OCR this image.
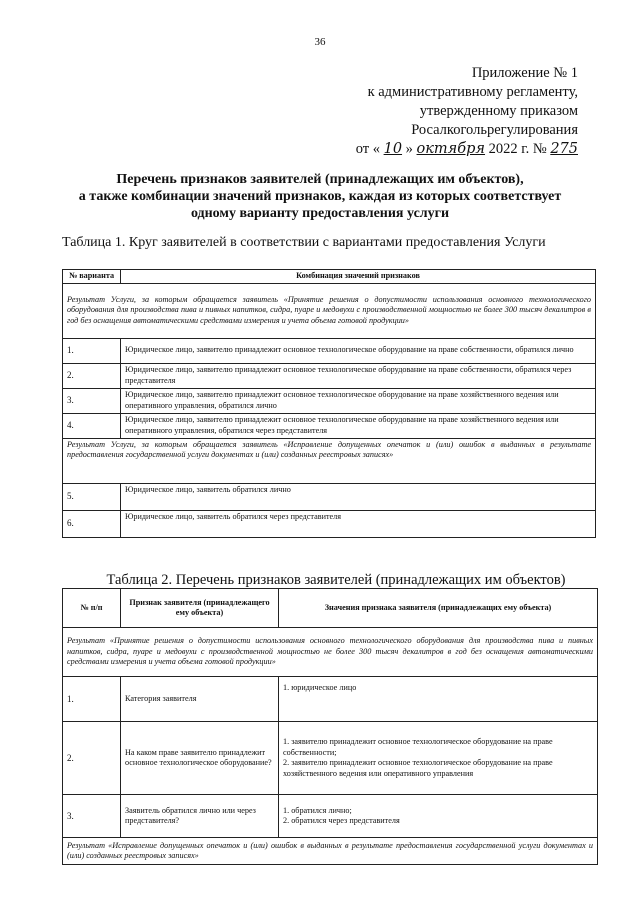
36
Приложение № 1
к административному регламенту,
утвержденному приказом
Росалкогольрегулирования
от « 10 » октября 2022 г. № 275
Перечень признаков заявителей (принадлежащих им объектов),
а также комбинации значений признаков, каждая из которых соответствует
одному варианту предоставления услуги
Таблица 1. Круг заявителей в соответствии с вариантами предоставления Услуги
№ варианта	Комбинация значений признаков
Результат Услуги, за которым обращается заявитель «Принятие решения о допустимости использования основного технологического оборудования для производства пива и пивных напитков, сидра, пуаре и медовухи с производственной мощностью не более 300 тысяч декалитров в год без оснащения автоматическими средствами измерения и учета объема готовой продукции»	
1.	Юридическое лицо, заявителю принадлежит основное технологическое оборудование на праве собственности, обратился лично
2.	Юридическое лицо, заявителю принадлежит основное технологическое оборудование на праве собственности, обратился через представителя
3.	Юридическое лицо, заявителю принадлежит основное технологическое оборудование на праве хозяйственного ведения или оперативного управления, обратился лично
4.	Юридическое лицо, заявителю принадлежит основное технологическое оборудование на праве хозяйственного ведения или оперативного управления, обратился через представителя
Результат Услуги, за которым обращается заявитель «Исправление допущенных опечаток и (или) ошибок в выданных в результате предоставления государственной услуги документах и (или) созданных реестровых записях»	
5.	Юридическое лицо, заявитель обратился лично
6.	Юридическое лицо, заявитель обратился через представителя
Таблица 2. Перечень признаков заявителей (принадлежащих им объектов)
№ п/п	Признак заявителя (принадлежащего ему объекта)	Значения признака заявителя (принадлежащих ему объекта)
Результат «Принятие решения о допустимости использования основного технологического оборудования для производства пива и пивных напитков, сидра, пуаре и медовухи с производственной мощностью не более 300 тысяч декалитров в год без оснащения автоматическими средствами измерения и учета объема готовой продукции»		
1.	Категория заявителя	1. юридическое лицо

2.	На каком праве заявителю принадлежит основное технологическое оборудование?	1. заявителю принадлежит основное технологическое оборудование на праве собственности;
2. заявителю принадлежит основное технологическое оборудование на праве хозяйственного ведения или оперативного управления

3.	Заявитель обратился лично или через представителя?	1. обратился лично;
2. обратился через представителя

Результат «Исправление допущенных опечаток и (или) ошибок в выданных в результате предоставления государственной услуги документах и (или) созданных реестровых записях»		
